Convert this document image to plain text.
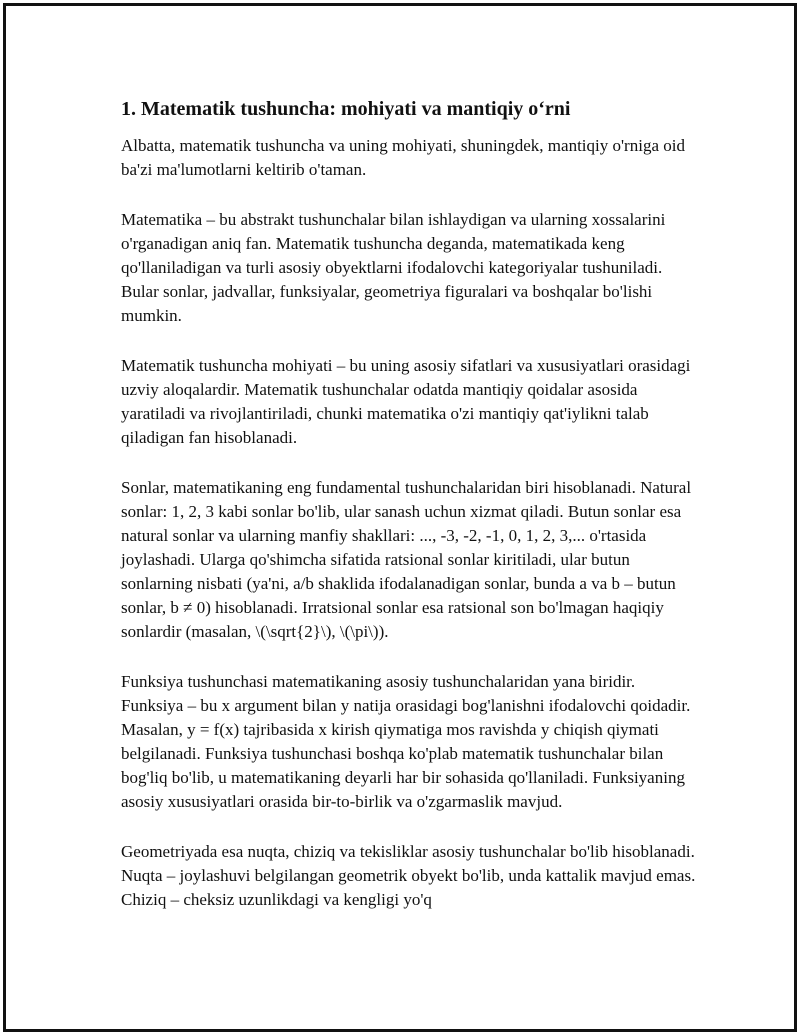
1. Matematik tushuncha: mohiyati va mantiqiy o‘rni

Albatta, matematik tushuncha va uning mohiyati, shuningdek, mantiqiy o'rniga oid ba'zi ma'lumotlarni keltirib o'taman.

Matematika – bu abstrakt tushunchalar bilan ishlaydigan va ularning xossalarini o'rganadigan aniq fan. Matematik tushuncha deganda, matematikada keng qo'llaniladigan va turli asosiy obyektlarni ifodalovchi kategoriyalar tushuniladi. Bular sonlar, jadvallar, funksiyalar, geometriya figuralari va boshqalar bo'lishi mumkin.

Matematik tushuncha mohiyati – bu uning asosiy sifatlari va xususiyatlari orasidagi uzviy aloqalardir. Matematik tushunchalar odatda mantiqiy qoidalar asosida yaratiladi va rivojlantiriladi, chunki matematika o'zi mantiqiy qat'iylikni talab qiladigan fan hisoblanadi.

Sonlar, matematikaning eng fundamental tushunchalaridan biri hisoblanadi. Natural sonlar: 1, 2, 3 kabi sonlar bo'lib, ular sanash uchun xizmat qiladi. Butun sonlar esa natural sonlar va ularning manfiy shakllari: ..., -3, -2, -1, 0, 1, 2, 3,... o'rtasida joylashadi. Ularga qo'shimcha sifatida ratsional sonlar kiritiladi, ular butun sonlarning nisbati (ya'ni, a/b shaklida ifodalanadigan sonlar, bunda a va b – butun sonlar, b ≠ 0) hisoblanadi. Irratsional sonlar esa ratsional son bo'lmagan haqiqiy sonlardir (masalan, \(\sqrt{2}\), \(\pi\)).

Funksiya tushunchasi matematikaning asosiy tushunchalaridan yana biridir. Funksiya – bu x argument bilan y natija orasidagi bog'lanishni ifodalovchi qoidadir. Masalan, y = f(x) tajribasida x kirish qiymatiga mos ravishda y chiqish qiymati belgilanadi. Funksiya tushunchasi boshqa ko'plab matematik tushunchalar bilan bog'liq bo'lib, u matematikaning deyarli har bir sohasida qo'llaniladi. Funksiyaning asosiy xususiyatlari orasida bir-to-birlik va o'zgarmaslik mavjud.

Geometriyada esa nuqta, chiziq va tekisliklar asosiy tushunchalar bo'lib hisoblanadi. Nuqta – joylashuvi belgilangan geometrik obyekt bo'lib, unda kattalik mavjud emas. Chiziq – cheksiz uzunlikdagi va kengligi yo'q
